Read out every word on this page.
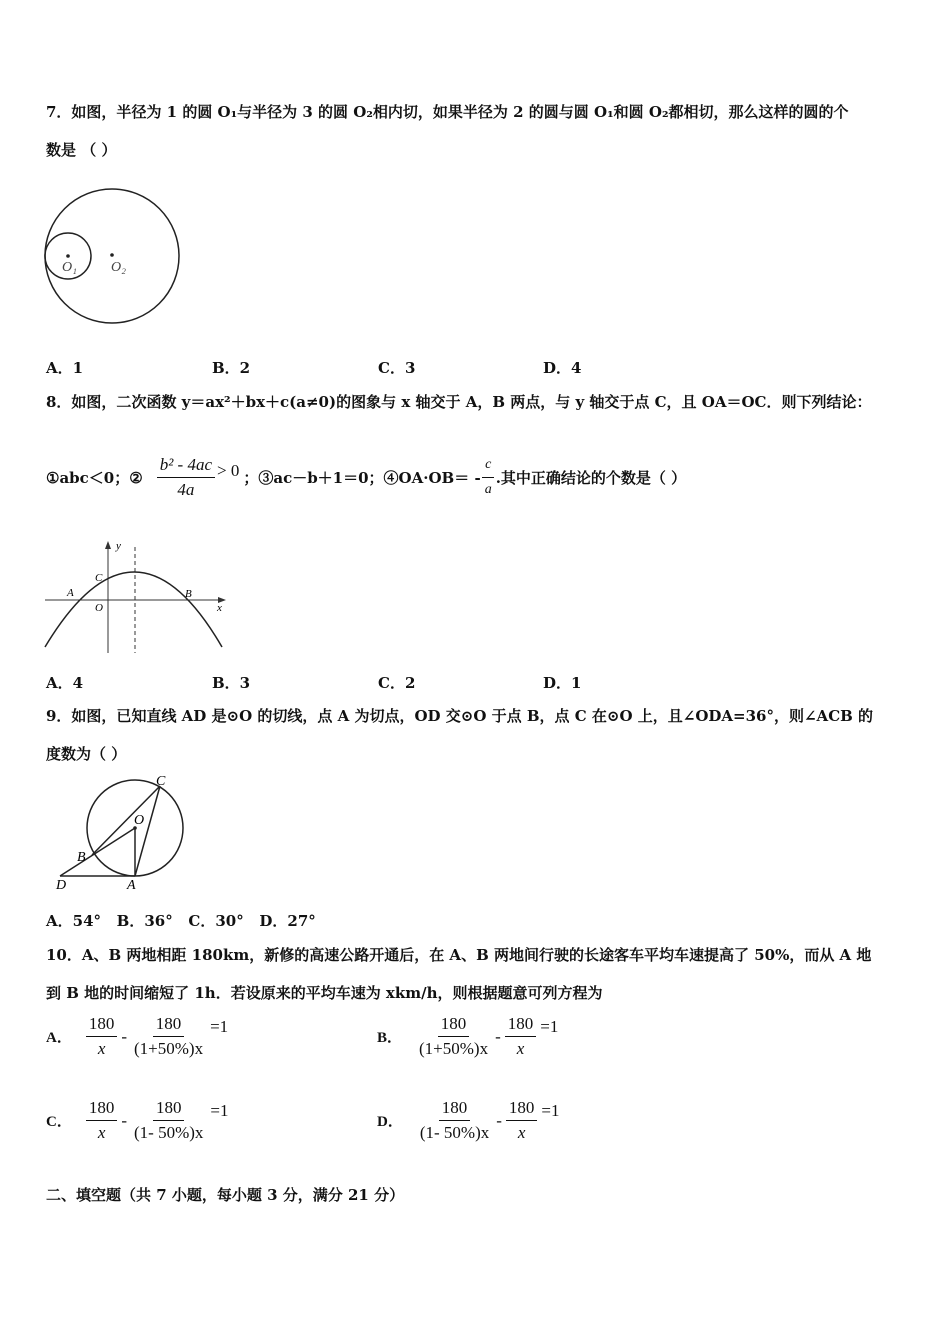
7．如图，半径为 1 的圆 O₁与半径为 3 的圆 O₂相内切，如果半径为 2 的圆与圆 O₁和圆 O₂都相切，那么这样的圆的个
数是 （ ）
O₁ O₂
A．1	B．2	C．3	D．4
8．如图，二次函数 y＝ax²＋bx＋c(a≠0)的图象与 x 轴交于 A，B 两点，与 y 轴交于点 C，且 OA＝OC．则下列结论：
①abc＜0；② $\frac{\text{b² - 4ac}}{4a} > 0$ ；③ac－b＋1＝0；④OA·OB＝ - $\frac{c}{a}$ .其中正确结论的个数是（ ）
y
C
A
O
B
x
A．4	B．3	C．2	D．1
9．如图，已知直线 AD 是⊙O 的切线，点 A 为切点，OD 交⊙O 于点 B，点 C 在⊙O 上，且∠ODA=36°，则∠ACB 的
度数为（ ）
C
O
B
D	A
A．54°   B．36°   C．30°   D．27°
10．A、B 两地相距 180km，新修的高速公路开通后，在 A、B 两地间行驶的长途客车平均车速提高了 50%，而从 A 地
到 B 地的时间缩短了 1h．若设原来的平均车速为 xkm/h，则根据题意可列方程为
A． $\frac{180}{x} - \frac{180}{(1+50\%)x} =1$
B． $\frac{180}{(1+50\%)x} - \frac{180}{x} =1$
C． $\frac{180}{x} - \frac{180}{(1- 50\%)x} =1$
D． $\frac{180}{(1- 50\%)x} - \frac{180}{x} =1$
二、填空题（共 7 小题，每小题 3 分，满分 21 分）
